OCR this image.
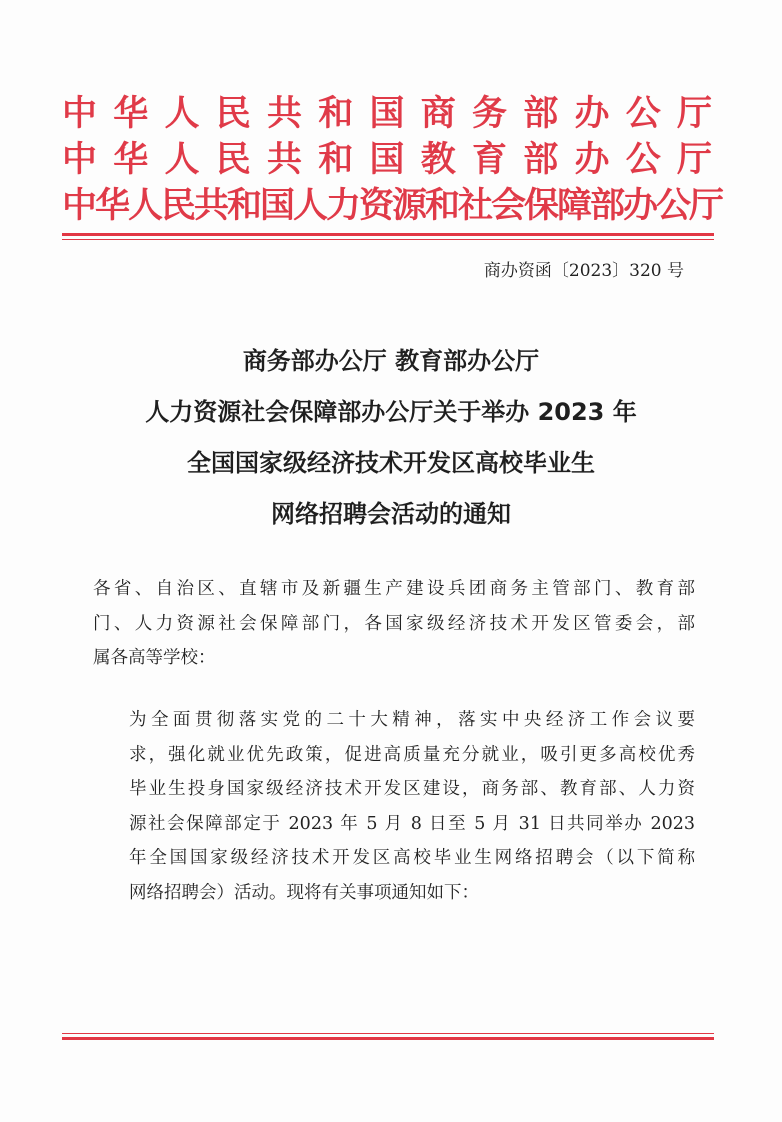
中华人民共和国商务部办公厅
中华人民共和国教育部办公厅
中华人民共和国人力资源和社会保障部办公厅
商办资函〔2023〕320 号
商务部办公厅 教育部办公厅
人力资源社会保障部办公厅关于举办 2023 年
全国国家级经济技术开发区高校毕业生
网络招聘会活动的通知
各省、自治区、直辖市及新疆生产建设兵团商务主管部门、教育部
门、人力资源社会保障部门，各国家级经济技术开发区管委会，部
属各高等学校：
为全面贯彻落实党的二十大精神，落实中央经济工作会议要
求，强化就业优先政策，促进高质量充分就业，吸引更多高校优秀
毕业生投身国家级经济技术开发区建设，商务部、教育部、人力资
源社会保障部定于 2023 年 5 月 8 日至 5 月 31 日共同举办 2023
年全国国家级经济技术开发区高校毕业生网络招聘会（以下简称
网络招聘会）活动。现将有关事项通知如下：
